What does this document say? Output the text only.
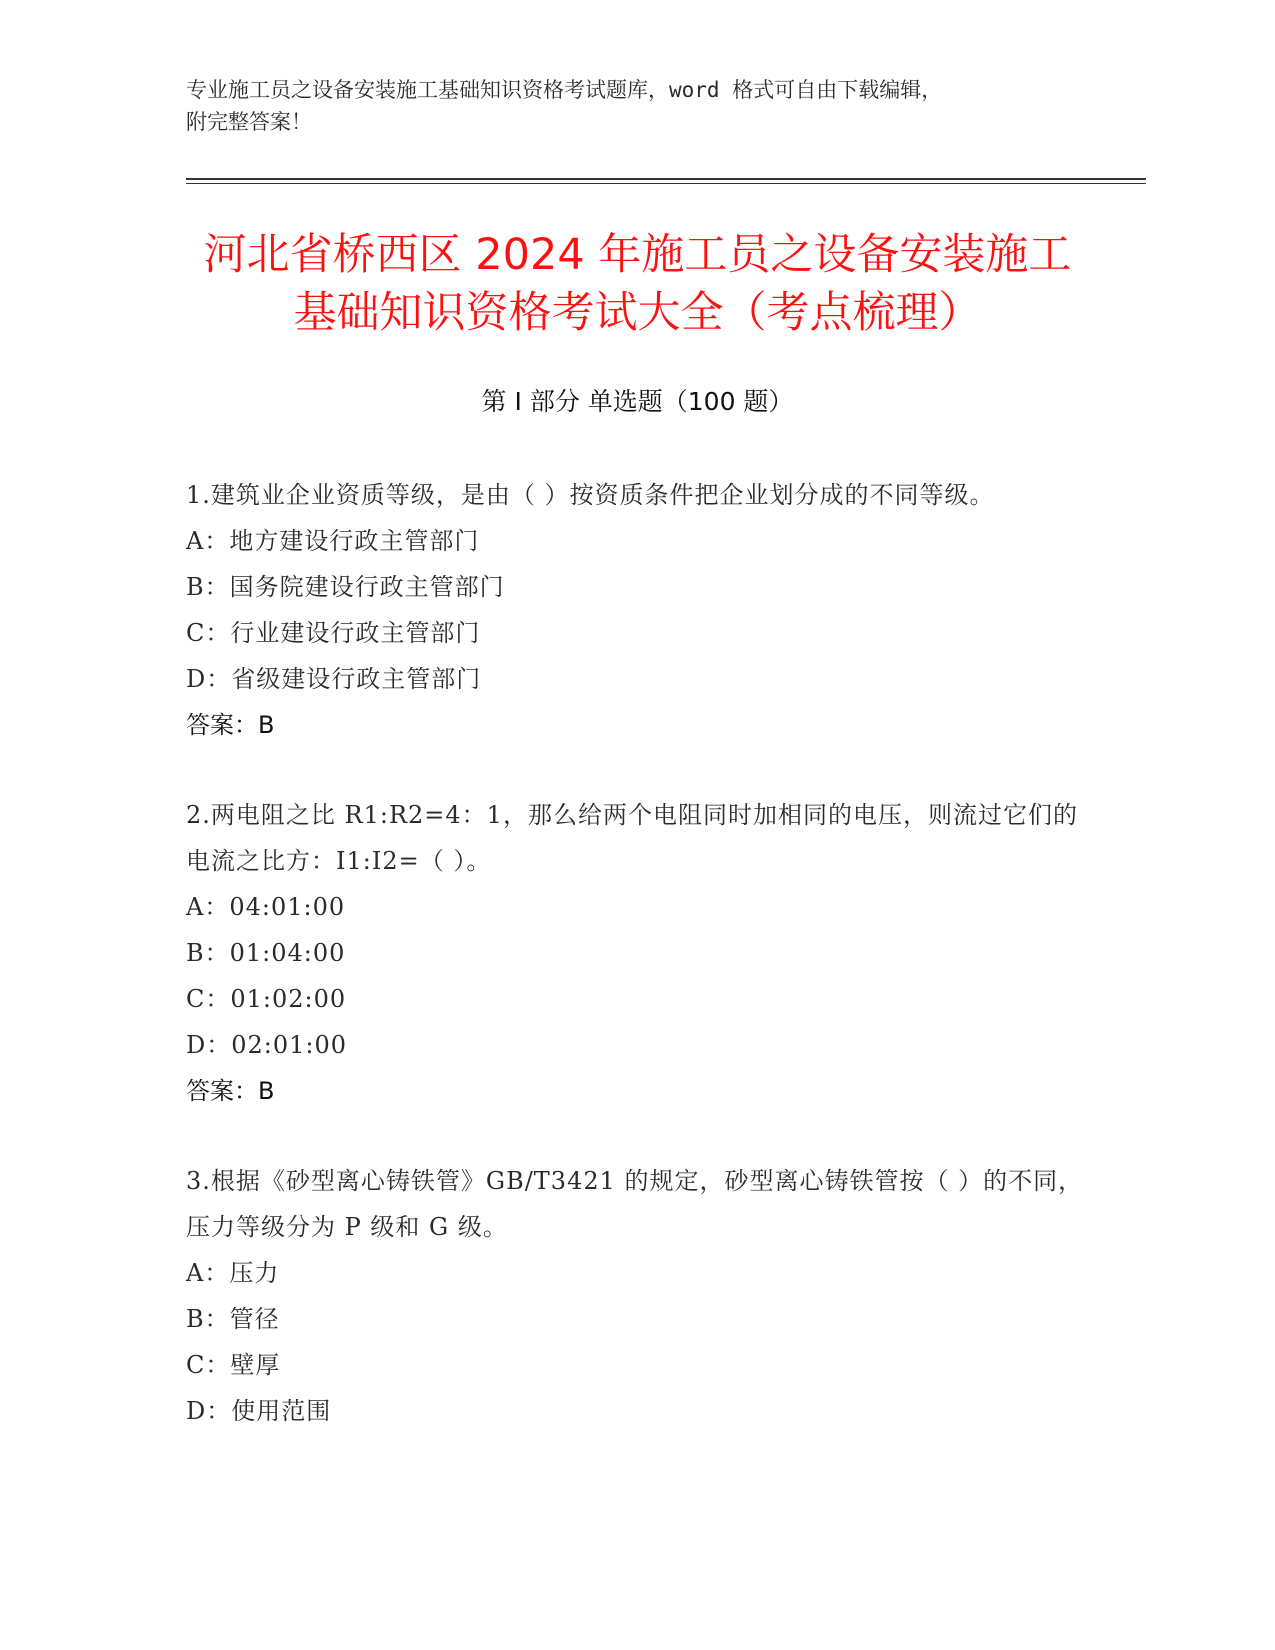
专业施工员之设备安装施工基础知识资格考试题库，word 格式可自由下载编辑，
附完整答案！
河北省桥西区 2024 年施工员之设备安装施工
基础知识资格考试大全（考点梳理）
第 I 部分 单选题（100 题）
1.建筑业企业资质等级，是由（ ）按资质条件把企业划分成的不同等级。
A：地方建设行政主管部门
B：国务院建设行政主管部门
C：行业建设行政主管部门
D：省级建设行政主管部门
答案：B
2.两电阻之比 R1:R2=4：1，那么给两个电阻同时加相同的电压，则流过它们的电流之比方：I1:I2=（ ）。
A：04:01:00
B：01:04:00
C：01:02:00
D：02:01:00
答案：B
3.根据《砂型离心铸铁管》GB/T3421 的规定，砂型离心铸铁管按（ ）的不同，压力等级分为 P 级和 G 级。
A：压力
B：管径
C：壁厚
D：使用范围
